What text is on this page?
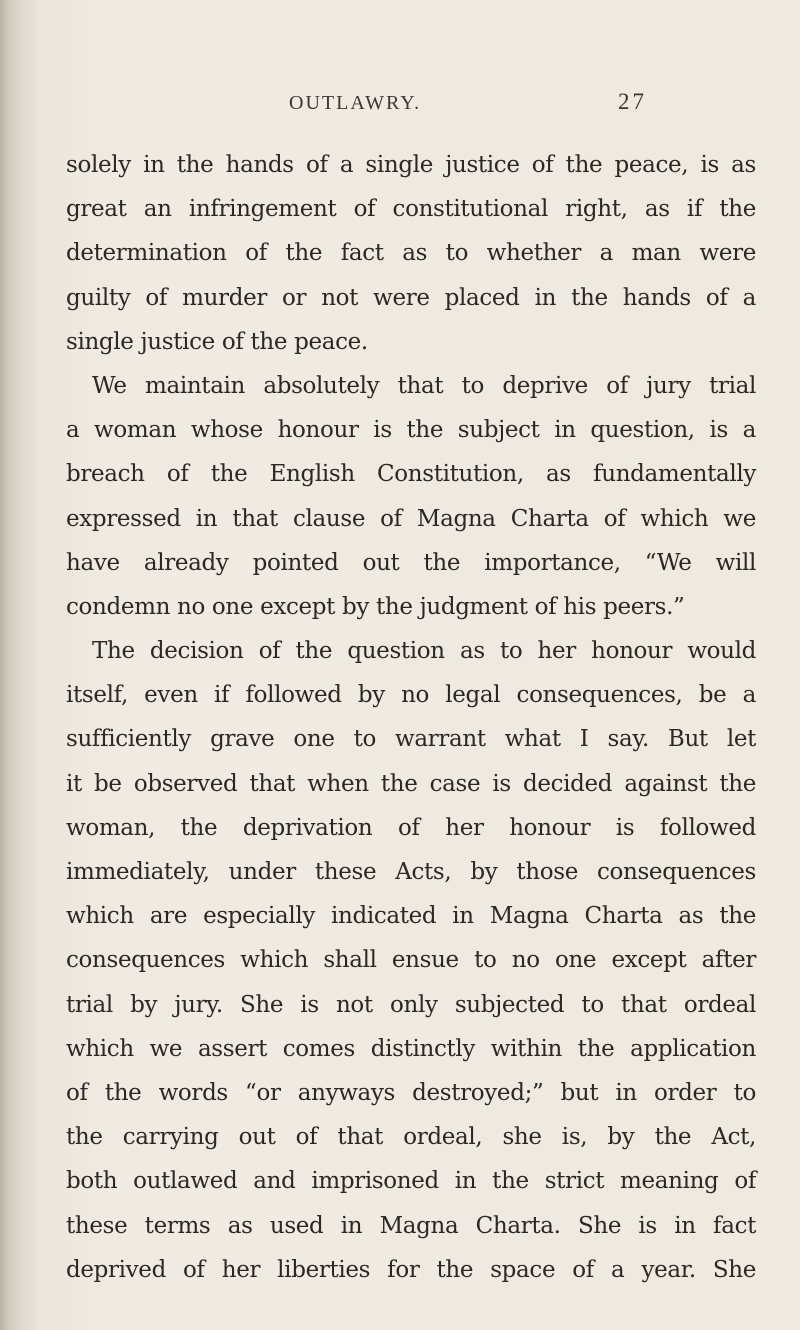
OUTLAWRY.	27
solely in the hands of a single justice of the peace, is as
great an infringement of constitutional right, as if the
determination of the fact as to whether a man were
guilty of murder or not were placed in the hands of a
single justice of the peace.
We maintain absolutely that to deprive of jury trial
a woman whose honour is the subject in question, is a
breach of the English Constitution, as fundamentally
expressed in that clause of Magna Charta of which we
have already pointed out the importance, “We will
condemn no one except by the judgment of his peers.”
The decision of the question as to her honour would
itself, even if followed by no legal consequences, be a
sufficiently grave one to warrant what I say. But let
it be observed that when the case is decided against the
woman, the deprivation of her honour is followed
immediately, under these Acts, by those consequences
which are especially indicated in Magna Charta as the
consequences which shall ensue to no one except after
trial by jury. She is not only subjected to that ordeal
which we assert comes distinctly within the application
of the words “or anyways destroyed;” but in order to
the carrying out of that ordeal, she is, by the Act,
both outlawed and imprisoned in the strict meaning of
these terms as used in Magna Charta. She is in fact
deprived of her liberties for the space of a year. She
